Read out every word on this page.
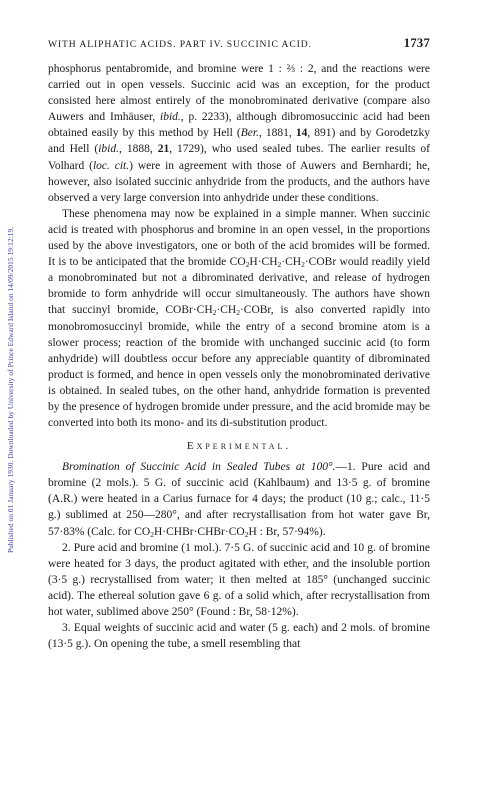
Published on 01 January 1930. Downloaded by University of Prince Edward Island on 14/09/2015 19:12:19.
WITH ALIPHATIC ACIDS. PART IV. SUCCINIC ACID.	1737

phosphorus pentabromide, and bromine were 1 : ⅔ : 2, and the reactions were carried out in open vessels. Succinic acid was an exception, for the product consisted here almost entirely of the monobrominated derivative (compare also Auwers and Imhäuser, ibid., p. 2233), although dibromosuccinic acid had been obtained easily by this method by Hell (Ber., 1881, 14, 891) and by Gorodetzky and Hell (ibid., 1888, 21, 1729), who used sealed tubes. The earlier results of Volhard (loc. cit.) were in agreement with those of Auwers and Bernhardi; he, however, also isolated succinic anhydride from the products, and the authors have observed a very large conversion into anhydride under these conditions.

These phenomena may now be explained in a simple manner. When succinic acid is treated with phosphorus and bromine in an open vessel, in the proportions used by the above investigators, one or both of the acid bromides will be formed. It is to be anticipated that the bromide $CO_2H\cdot CH_2\cdot CH_2\cdot COBr$ would readily yield a monobrominated but not a dibrominated derivative, and release of hydrogen bromide to form anhydride will occur simultaneously. The authors have shown that succinyl bromide, $COBr\cdot CH_2\cdot CH_2\cdot COBr$, is also converted rapidly into monobromosuccinyl bromide, while the entry of a second bromine atom is a slower process; reaction of the bromide with unchanged succinic acid (to form anhydride) will doubtless occur before any appreciable quantity of dibrominated product is formed, and hence in open vessels only the monobrominated derivative is obtained. In sealed tubes, on the other hand, anhydride formation is prevented by the presence of hydrogen bromide under pressure, and the acid bromide may be converted into both its mono- and its di-substitution product.

Experimental.

Bromination of Succinic Acid in Sealed Tubes at 100°.—1. Pure acid and bromine (2 mols.). 5 G. of succinic acid (Kahlbaum) and 13·5 g. of bromine (A.R.) were heated in a Carius furnace for 4 days; the product (10 g.; calc., 11·5 g.) sublimed at 250—280°, and after recrystallisation from hot water gave Br, 57·83% (Calc. for $CO_2H\cdot CHBr\cdot CHBr\cdot CO_2H$ : Br, 57·94%).

2. Pure acid and bromine (1 mol.). 7·5 G. of succinic acid and 10 g. of bromine were heated for 3 days, the product agitated with ether, and the insoluble portion (3·5 g.) recrystallised from water; it then melted at 185° (unchanged succinic acid). The ethereal solution gave 6 g. of a solid which, after recrystallisation from hot water, sublimed above 250° (Found : Br, 58·12%).

3. Equal weights of succinic acid and water (5 g. each) and 2 mols. of bromine (13·5 g.). On opening the tube, a smell resembling that
